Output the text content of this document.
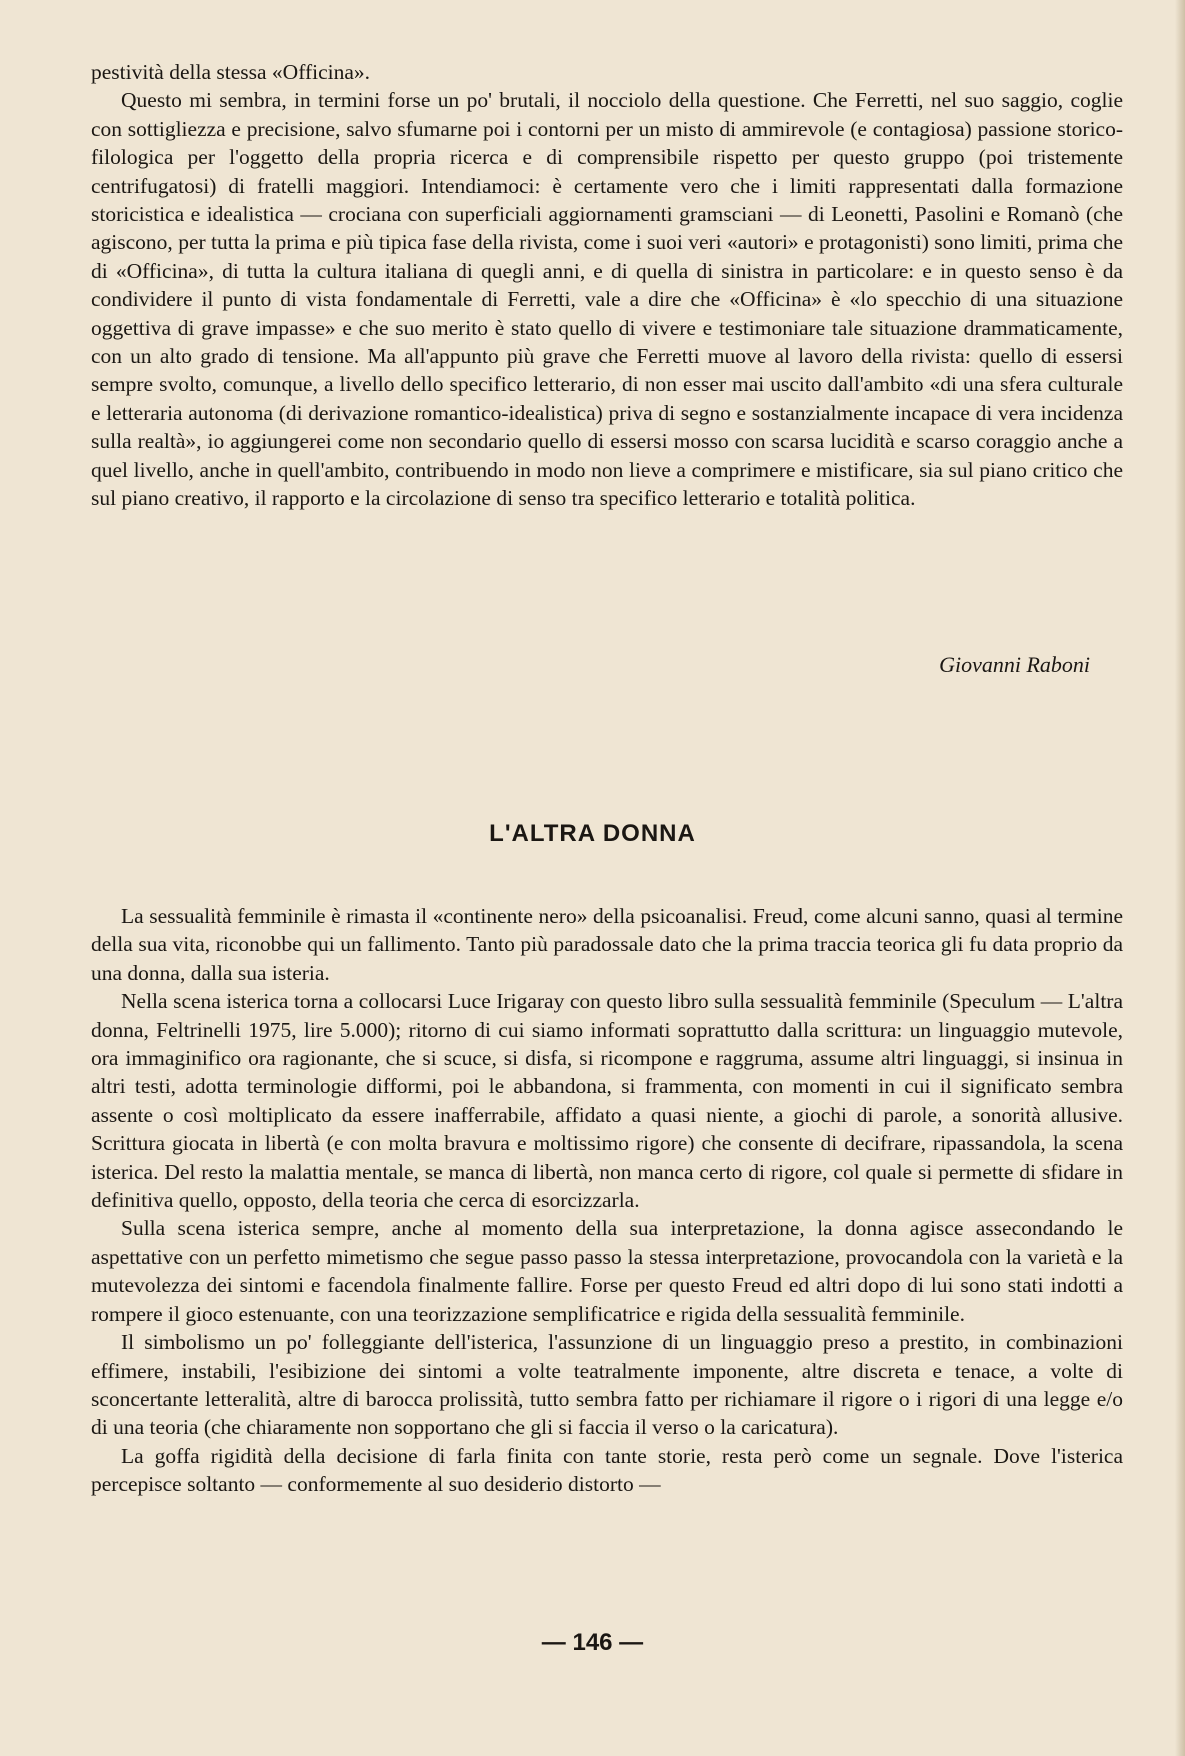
pestività della stessa «Officina».

Questo mi sembra, in termini forse un po' brutali, il nocciolo della questione. Che Ferretti, nel suo saggio, coglie con sottigliezza e precisione, salvo sfumarne poi i contorni per un misto di ammirevole (e contagiosa) passione storico-filologica per l'oggetto della propria ricerca e di comprensibile rispetto per questo gruppo (poi tristemente centrifugatosi) di fratelli maggiori. Intendiamoci: è certamente vero che i limiti rappresentati dalla formazione storicistica e idealistica — crociana con superficiali aggiornamenti gramsciani — di Leonetti, Pasolini e Romanò (che agiscono, per tutta la prima e più tipica fase della rivista, come i suoi veri «autori» e protagonisti) sono limiti, prima che di «Officina», di tutta la cultura italiana di quegli anni, e di quella di sinistra in particolare: e in questo senso è da condividere il punto di vista fondamentale di Ferretti, vale a dire che «Officina» è «lo specchio di una situazione oggettiva di grave impasse» e che suo merito è stato quello di vivere e testimoniare tale situazione drammaticamente, con un alto grado di tensione. Ma all'appunto più grave che Ferretti muove al lavoro della rivista: quello di essersi sempre svolto, comunque, a livello dello specifico letterario, di non esser mai uscito dall'ambito «di una sfera culturale e letteraria autonoma (di derivazione romantico-idealistica) priva di segno e sostanzialmente incapace di vera incidenza sulla realtà», io aggiungerei come non secondario quello di essersi mosso con scarsa lucidità e scarso coraggio anche a quel livello, anche in quell'ambito, contribuendo in modo non lieve a comprimere e mistificare, sia sul piano critico che sul piano creativo, il rapporto e la circolazione di senso tra specifico letterario e totalità politica.

Giovanni Raboni
L'ALTRA DONNA

La sessualità femminile è rimasta il «continente nero» della psicoanalisi. Freud, come alcuni sanno, quasi al termine della sua vita, riconobbe qui un fallimento. Tanto più paradossale dato che la prima traccia teorica gli fu data proprio da una donna, dalla sua isteria.

Nella scena isterica torna a collocarsi Luce Irigaray con questo libro sulla sessualità femminile (Speculum — L'altra donna, Feltrinelli 1975, lire 5.000); ritorno di cui siamo informati soprattutto dalla scrittura: un linguaggio mutevole, ora immaginifico ora ragionante, che si scuce, si disfa, si ricompone e raggruma, assume altri linguaggi, si insinua in altri testi, adotta terminologie difformi, poi le abbandona, si frammenta, con momenti in cui il significato sembra assente o così moltiplicato da essere inafferrabile, affidato a quasi niente, a giochi di parole, a sonorità allusive. Scrittura giocata in libertà (e con molta bravura e moltissimo rigore) che consente di decifrare, ripassandola, la scena isterica. Del resto la malattia mentale, se manca di libertà, non manca certo di rigore, col quale si permette di sfidare in definitiva quello, opposto, della teoria che cerca di esorcizzarla.

Sulla scena isterica sempre, anche al momento della sua interpretazione, la donna agisce assecondando le aspettative con un perfetto mimetismo che segue passo passo la stessa interpretazione, provocandola con la varietà e la mutevolezza dei sintomi e facendola finalmente fallire. Forse per questo Freud ed altri dopo di lui sono stati indotti a rompere il gioco estenuante, con una teorizzazione semplificatrice e rigida della sessualità femminile.

Il simbolismo un po' folleggiante dell'isterica, l'assunzione di un linguaggio preso a prestito, in combinazioni effimere, instabili, l'esibizione dei sintomi a volte teatralmente imponente, altre discreta e tenace, a volte di sconcertante letteralità, altre di barocca prolissità, tutto sembra fatto per richiamare il rigore o i rigori di una legge e/o di una teoria (che chiaramente non sopportano che gli si faccia il verso o la caricatura).

La goffa rigidità della decisione di farla finita con tante storie, resta però come un segnale. Dove l'isterica percepisce soltanto — conformemente al suo desiderio distorto —

— 146 —
